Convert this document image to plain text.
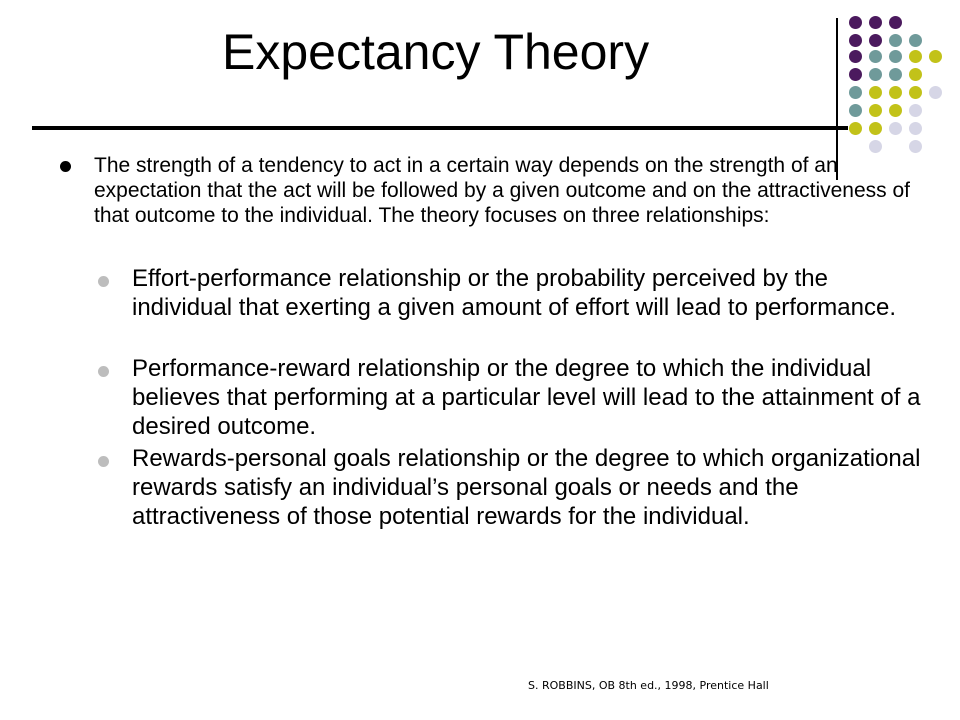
Expectancy Theory
The strength of a tendency to act in a certain way depends on the strength of an expectation that the act will be followed by a given outcome and on the attractiveness of that outcome to the individual. The theory focuses on three relationships:
Effort-performance relationship or the probability perceived by the individual that exerting a given amount of effort will lead to performance.
Performance-reward relationship or the degree to which the individual believes that performing at a particular level will lead to the attainment of a desired outcome.
Rewards-personal goals relationship or the degree to which organizational rewards satisfy an individual’s personal goals or needs and the attractiveness of those potential rewards for the individual.
S. ROBBINS, OB 8th ed., 1998, Prentice Hall
